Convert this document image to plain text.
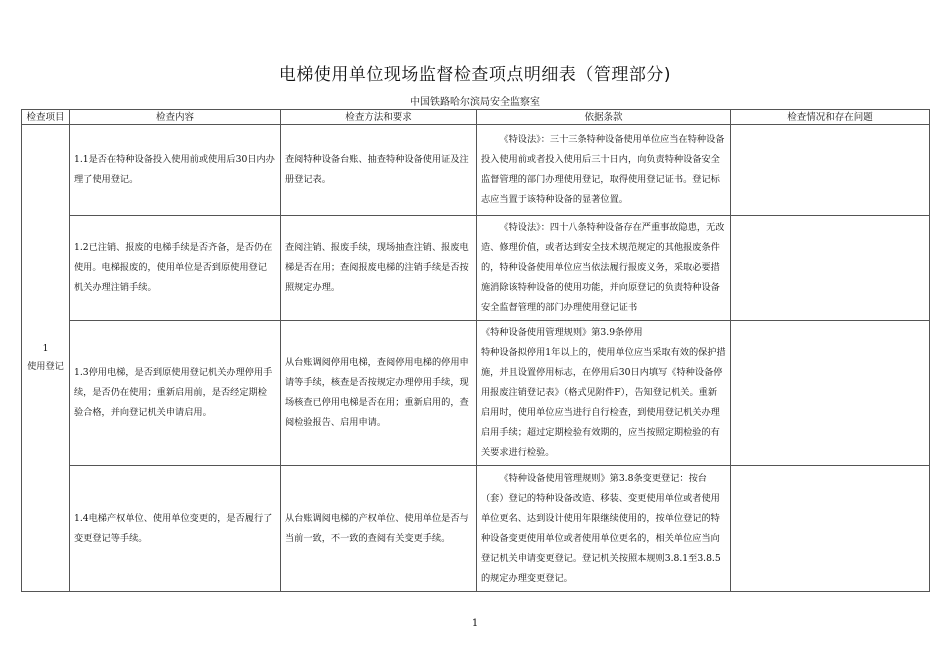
电梯使用单位现场监督检查项点明细表（管理部分)
中国铁路哈尔滨局安全监察室
检查项目	检查内容	检查方法和要求	依据条款	检查情况和存在问题

1
使用登记	1.1是否在特种设备投入使用前或使用后30日内办理了使用登记。	查阅特种设备台账、抽查特种设备使用证及注册登记表。	《特设法》：三十三条特种设备使用单位应当在特种设备投入使用前或者投入使用后三十日内，向负责特种设备安全监督管理的部门办理使用登记，取得使用登记证书。登记标志应当置于该特种设备的显著位置。	

	1.2已注销、报废的电梯手续是否齐备，是否仍在使用。电梯报废的，使用单位是否到原使用登记机关办理注销手续。	查阅注销、报废手续，现场抽查注销、报废电梯是否在用；查阅报废电梯的注销手续是否按照规定办理。	《特设法》：四十八条特种设备存在严重事故隐患，无改造、修理价值，或者达到安全技术规范规定的其他报废条件的，特种设备使用单位应当依法履行报废义务，采取必要措施消除该特种设备的使用功能，并向原登记的负责特种设备安全监督管理的部门办理使用登记证书	

	1.3停用电梯，是否到原使用登记机关办理停用手续，是否仍在使用；重新启用前，是否经定期检验合格，并向登记机关申请启用。	从台账调阅停用电梯，查阅停用电梯的停用申请等手续，核查是否按规定办理停用手续，现场核查已停用电梯是否在用；重新启用的，查阅检验报告、启用申请。	《特种设备使用管理规则》第3.9条停用
特种设备拟停用1年以上的，使用单位应当采取有效的保护措施，并且设置停用标志，在停用后30日内填写《特种设备停用报废注销登记表》（格式见附件F），告知登记机关。重新启用时，使用单位应当进行自行检查，到使用登记机关办理启用手续；超过定期检验有效期的，应当按照定期检验的有关要求进行检验。	
	1.4电梯产权单位、使用单位变更的，是否履行了变更登记等手续。	从台账调阅电梯的产权单位、使用单位是否与当前一致，不一致的查阅有关变更手续。	《特种设备使用管理规则》第3.8条变更登记：按台（套）登记的特种设备改造、移装、变更使用单位或者使用单位更名、达到设计使用年限继续使用的，按单位登记的特种设备变更使用单位或者使用单位更名的，相关单位应当向登记机关申请变更登记。登记机关按照本规则3.8.1至3.8.5的规定办理变更登记。	

1
